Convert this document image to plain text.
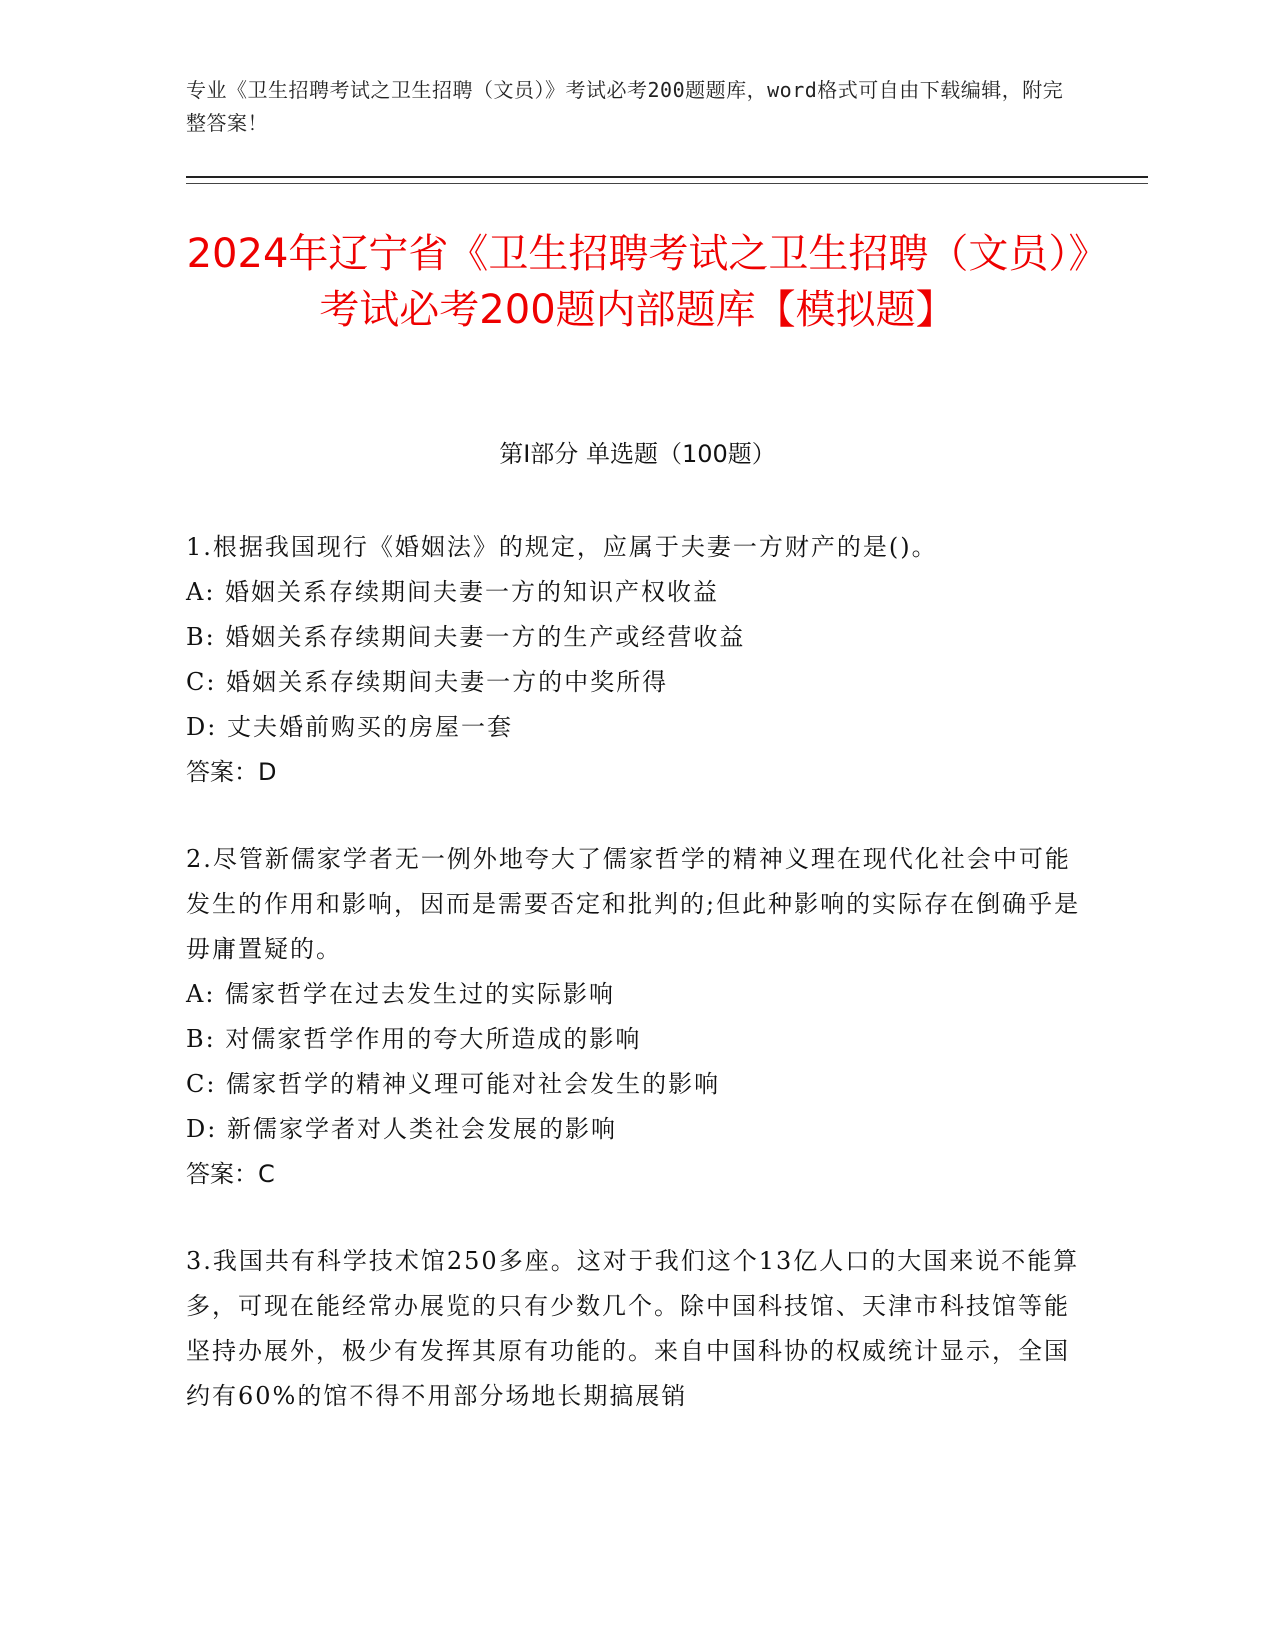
专业《卫生招聘考试之卫生招聘（文员）》考试必考200题题库，word格式可自由下载编辑，附完整答案！
2024年辽宁省《卫生招聘考试之卫生招聘（文员）》考试必考200题内部题库【模拟题】
第I部分 单选题（100题）

1.根据我国现行《婚姻法》的规定，应属于夫妻一方财产的是()。

A: 婚姻关系存续期间夫妻一方的知识产权收益

B: 婚姻关系存续期间夫妻一方的生产或经营收益

C: 婚姻关系存续期间夫妻一方的中奖所得

D: 丈夫婚前购买的房屋一套

答案：D

2.尽管新儒家学者无一例外地夸大了儒家哲学的精神义理在现代化社会中可能发生的作用和影响，因而是需要否定和批判的;但此种影响的实际存在倒确乎是毋庸置疑的。

A: 儒家哲学在过去发生过的实际影响

B: 对儒家哲学作用的夸大所造成的影响

C: 儒家哲学的精神义理可能对社会发生的影响

D: 新儒家学者对人类社会发展的影响

答案：C

3.我国共有科学技术馆250多座。这对于我们这个13亿人口的大国来说不能算多，可现在能经常办展览的只有少数几个。除中国科技馆、天津市科技馆等能坚持办展外，极少有发挥其原有功能的。来自中国科协的权威统计显示，全国约有60%的馆不得不用部分场地长期搞展销
